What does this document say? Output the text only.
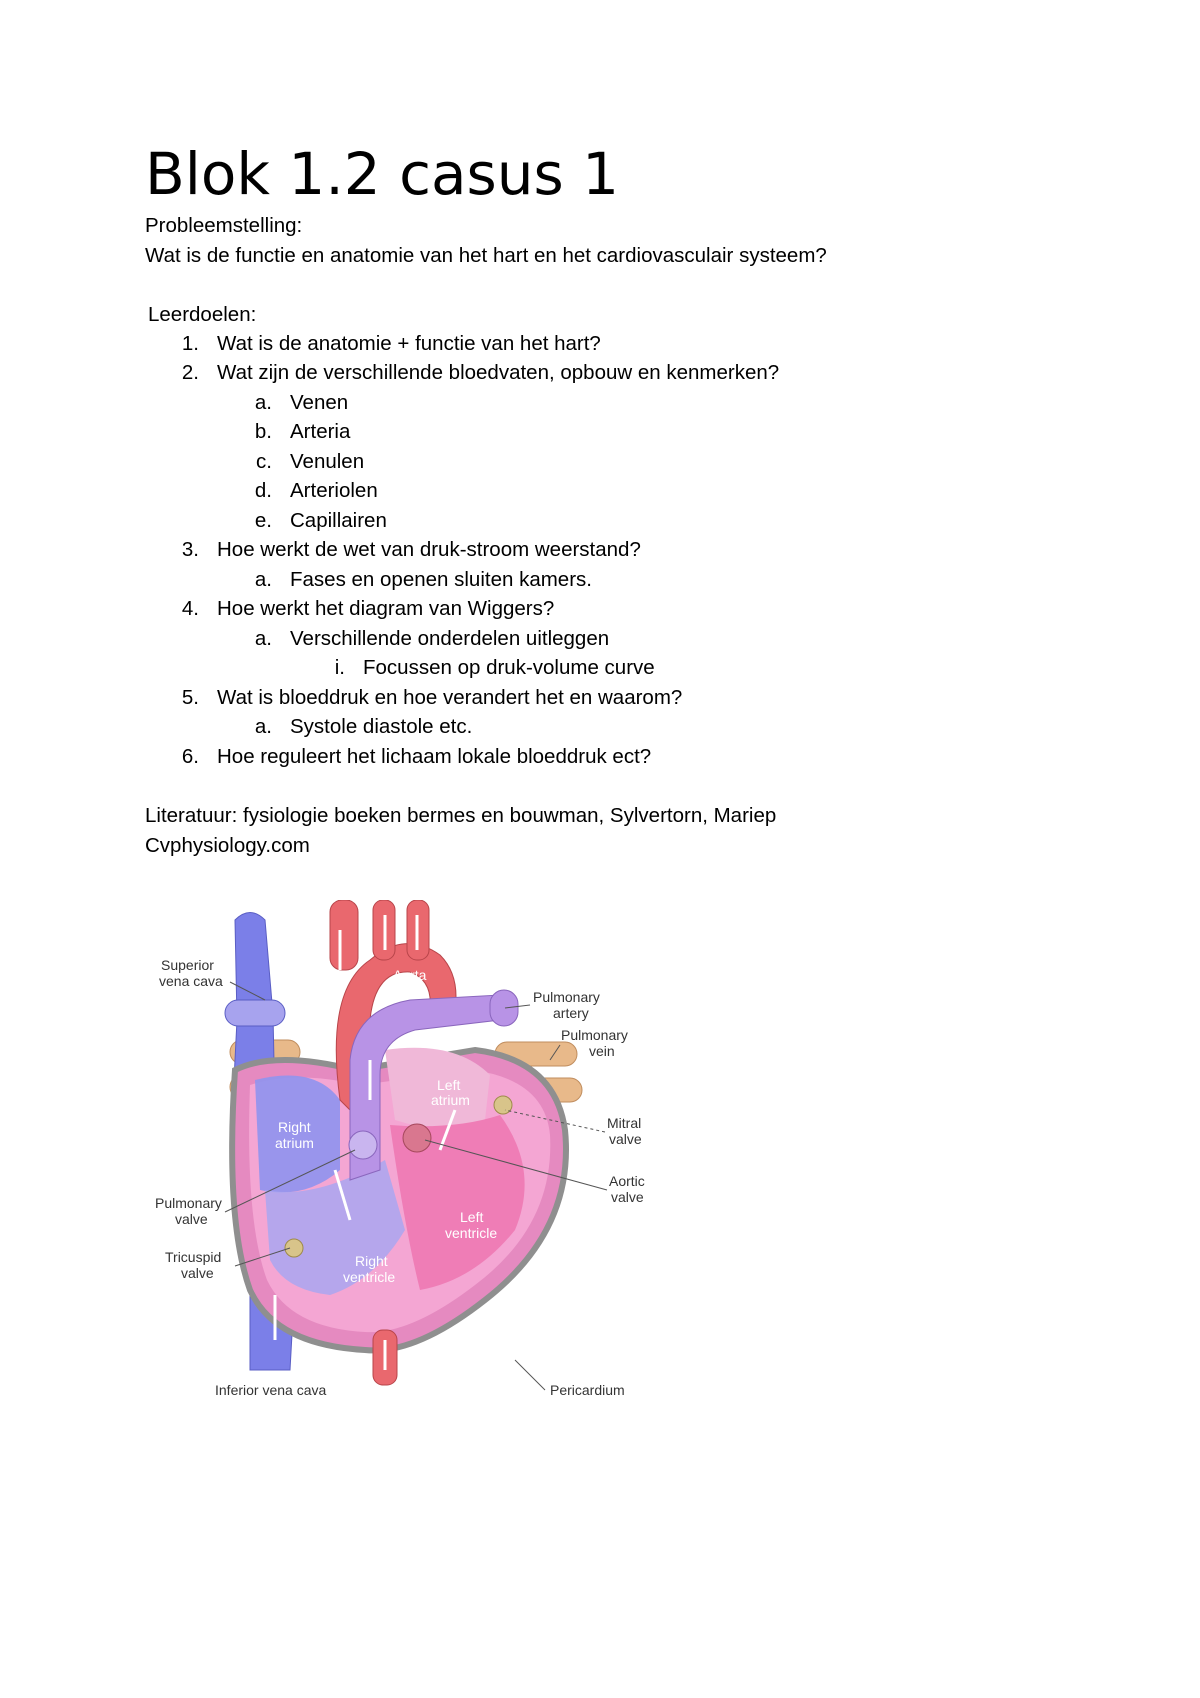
Blok 1.2 casus 1
Probleemstelling:
Wat is de functie en anatomie van het hart en het cardiovasculair systeem?
Leerdoelen:
1. Wat is de anatomie + functie van het hart?
2. Wat zijn de verschillende bloedvaten, opbouw en kenmerken?
a. Venen
b. Arteria
c. Venulen
d. Arteriolen
e. Capillairen
3. Hoe werkt de wet van druk-stroom weerstand?
a. Fases en openen sluiten kamers.
4. Hoe werkt het diagram van Wiggers?
a. Verschillende onderdelen uitleggen
i. Focussen op druk-volume curve
5. Wat is bloeddruk en hoe verandert het en waarom?
a. Systole diastole etc.
6. Hoe reguleert het lichaam lokale bloeddruk ect?
Literatuur: fysiologie boeken bermes en bouwman, Sylvertorn, Mariep
Cvphysiology.com
Superior
vena cava	Aorta
Pulmonary
artery
Pulmonary
vein
Left
atrium
Right
atrium
Mitral
valve
Aortic
valve
Pulmonary
valve	Left
ventricle
Tricuspid
valve
Right
ventricle
Inferior vena cava	Pericardium
